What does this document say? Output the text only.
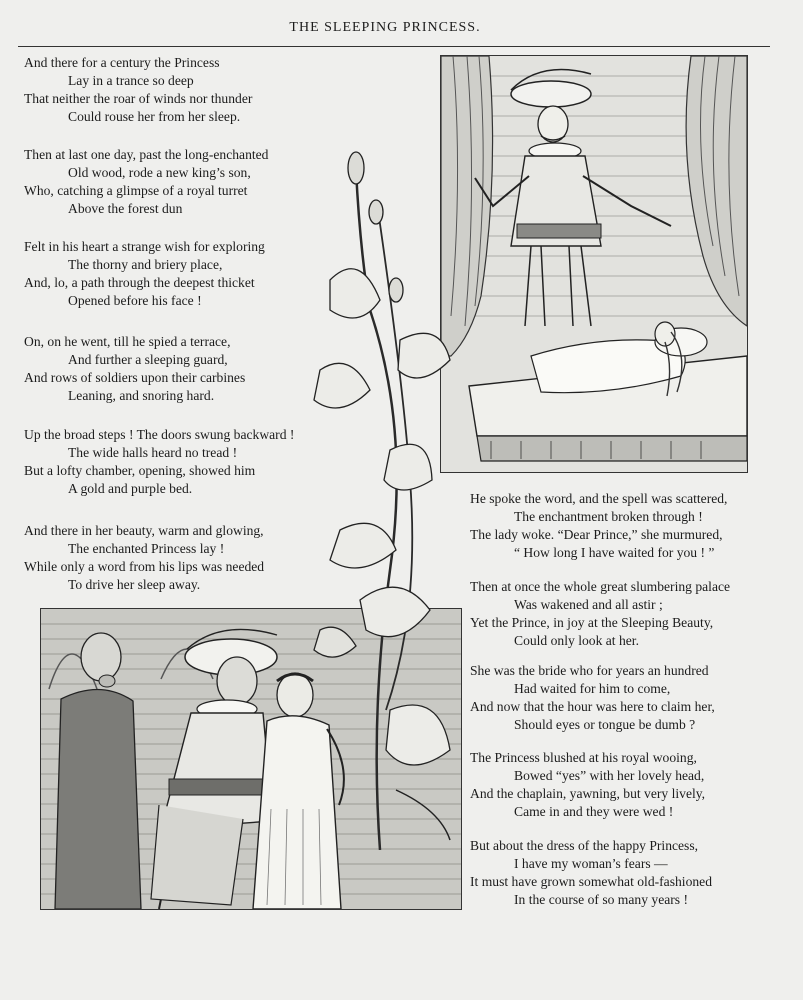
THE SLEEPING PRINCESS.
And there for a century the Princess
Lay in a trance so deep
That neither the roar of winds nor thunder
Could rouse her from her sleep.
Then at last one day, past the long-enchanted
Old wood, rode a new king’s son,
Who, catching a glimpse of a royal turret
Above the forest dun
Felt in his heart a strange wish for exploring
The thorny and briery place,
And, lo, a path through the deepest thicket
Opened before his face !
On, on he went, till he spied a terrace,
And further a sleeping guard,
And rows of soldiers upon their carbines
Leaning, and snoring hard.
Up the broad steps ! The doors swung backward !
The wide halls heard no tread !
But a lofty chamber, opening, showed him
A gold and purple bed.
And there in her beauty, warm and glowing,
The enchanted Princess lay !
While only a word from his lips was needed
To drive her sleep away.
He spoke the word, and the spell was scattered,
The enchantment broken through !
The lady woke. “Dear Prince,” she murmured,
“ How long I have waited for you ! ”
Then at once the whole great slumbering palace
Was wakened and all astir ;
Yet the Prince, in joy at the Sleeping Beauty,
Could only look at her.
She was the bride who for years an hundred
Had waited for him to come,
And now that the hour was here to claim her,
Should eyes or tongue be dumb ?
The Princess blushed at his royal wooing,
Bowed “yes” with her lovely head,
And the chaplain, yawning, but very lively,
Came in and they were wed !
But about the dress of the happy Princess,
I have my woman’s fears —
It must have grown somewhat old-fashioned
In the course of so many years !
